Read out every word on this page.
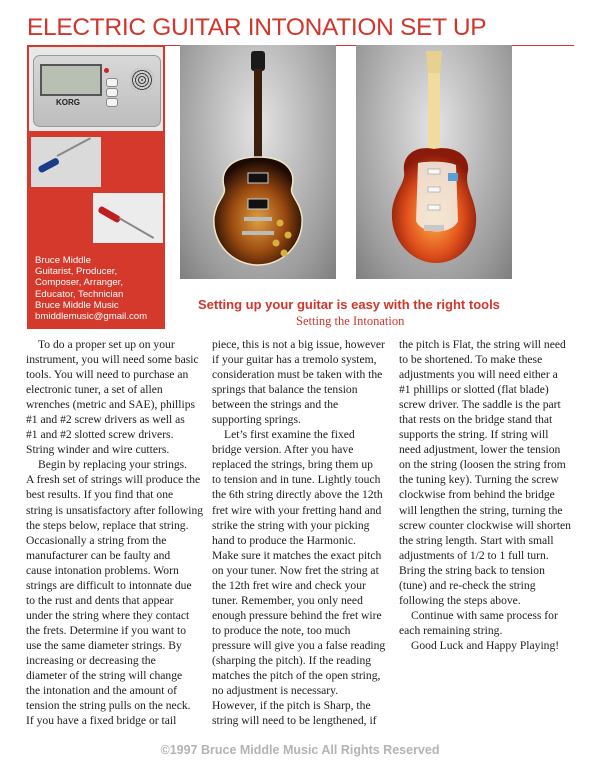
ELECTRIC GUITAR INTONATION SET UP
KORG
Bruce Middle
Guitarist, Producer,
Composer, Arranger,
Educator, Technician
Bruce Middle Music
bmiddlemusic@gmail.com
Setting up your guitar is easy with the right tools
Setting the Intonation

To do a proper set up on your
instrument, you will need some basic
tools. You will need to purchase an
electronic tuner, a set of allen
wrenches (metric and SAE), phillips
#1 and #2 screw drivers as well as
#1 and #2 slotted screw drivers.
String winder and wire cutters.

Begin by replacing your strings.
A fresh set of strings will produce the
best results. If you find that one
string is unsatisfactory after following
the steps below, replace that string.
Occasionally a string from the
manufacturer can be faulty and
cause intonation problems. Worn
strings are difficult to intonnate due
to the rust and dents that appear
under the string where they contact
the frets. Determine if you want to
use the same diameter strings. By
increasing or decreasing the
diameter of the string will change
the intonation and the amount of
tension the string pulls on the neck.
If you have a fixed bridge or tail

piece, this is not a big issue, however
if your guitar has a tremolo system,
consideration must be taken with the
springs that balance the tension
between the strings and the
supporting springs.

Let’s first examine the fixed
bridge version. After you have
replaced the strings, bring them up
to tension and in tune. Lightly touch
the 6th string directly above the 12th
fret wire with your fretting hand and
strike the string with your picking
hand to produce the Harmonic.
Make sure it matches the exact pitch
on your tuner. Now fret the string at
the 12th fret wire and check your
tuner. Remember, you only need
enough pressure behind the fret wire
to produce the note, too much
pressure will give you a false reading
(sharping the pitch). If the reading
matches the pitch of the open string,
no adjustment is necessary.
However, if the pitch is Sharp, the
string will need to be lengthened, if

the pitch is Flat, the string will need
to be shortened. To make these
adjustments you will need either a
#1 phillips or slotted (flat blade)
screw driver. The saddle is the part
that rests on the bridge stand that
supports the string. If string will
need adjustment, lower the tension
on the string (loosen the string from
the tuning key). Turning the screw
clockwise from behind the bridge
will lengthen the string, turning the
screw counter clockwise will shorten
the string length. Start with small
adjustments of 1/2 to 1 full turn.
Bring the string back to tension
(tune) and re-check the string
following the steps above.

Continue with same process for
each remaining string.

Good Luck and Happy Playing!

©1997 Bruce Middle Music All Rights Reserved
